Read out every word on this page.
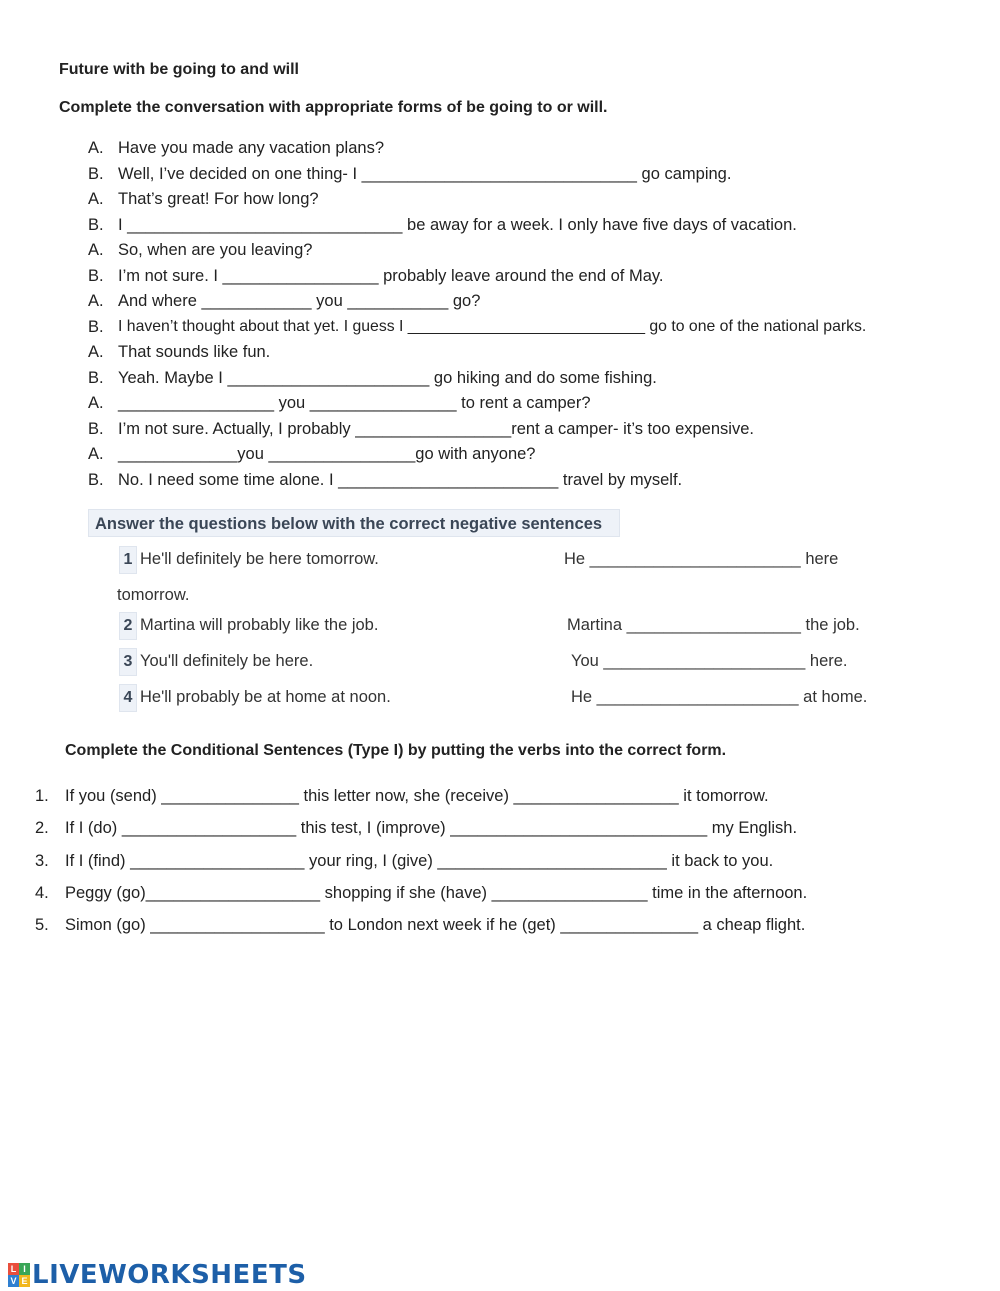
Future with be going to and will
Complete the conversation with appropriate forms of be going to or will.
A. Have you made any vacation plans?
B. Well, I’ve decided on one thing- I ______________________________ go camping.
A. That’s great! For how long?
B. I ______________________________ be away for a week. I only have five days of vacation.
A. So, when are you leaving?
B. I’m not sure. I _________________ probably leave around the end of May.
A. And where ____________ you ___________ go?
B. I haven’t thought about that yet. I guess I ___________________________ go to one of the national parks.
A. That sounds like fun.
B. Yeah. Maybe I ______________________ go hiking and do some fishing.
A. _________________ you ________________ to rent a camper?
B. I’m not sure. Actually, I probably _________________rent a camper- it’s too expensive.
A. _____________you ________________go with anyone?
B. No. I need some time alone. I ________________________ travel by myself.
Answer the questions below with the correct negative sentences
1 He'll definitely be here tomorrow.	He _______________________ here
tomorrow.
2 Martina will probably like the job.	Martina ___________________ the job.
3 You'll definitely be here.	You ______________________ here.
4 He'll probably be at home at noon.	He ______________________ at home.
Complete the Conditional Sentences (Type I) by putting the verbs into the correct form.
1. If you (send) _______________ this letter now, she (receive) __________________ it tomorrow.
2. If I (do) ___________________ this test, I (improve) ____________________________ my English.
3. If I (find) ___________________ your ring, I (give) _________________________ it back to you.
4. Peggy (go)___________________ shopping if she (have) _________________ time in the afternoon.
5. Simon (go) ___________________ to London next week if he (get) _______________ a cheap flight.
L I
V E LIVEWORKSHEETS
